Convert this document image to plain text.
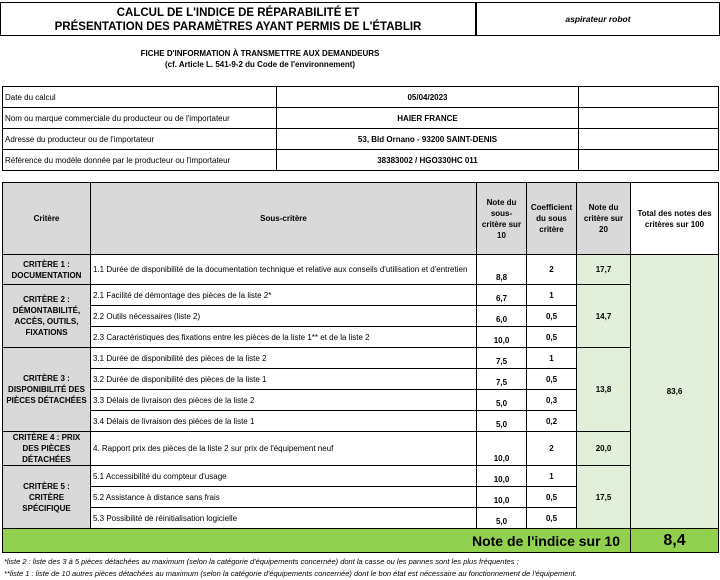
CALCUL DE L'INDICE DE RÉPARABILITÉ ET
PRÉSENTATION DES PARAMÈTRES AYANT PERMIS DE L'ÉTABLIR
aspirateur robot
FICHE D'INFORMATION À TRANSMETTRE AUX DEMANDEURS
(cf. Article L. 541-9-2 du Code de l'environnement)
Date du calcul	05/04/2023	
Nom ou marque commerciale du producteur ou de l'importateur	HAIER FRANCE	
Adresse du producteur ou de l'importateur	53, Bld Ornano - 93200 SAINT-DENIS	
Référence du modèle donnée par le producteur ou l'importateur	38383002 / HGO330HC 011	
Critère	Sous-critère	Note du sous-critère sur 10	Coefficient du sous critère	Note du critère sur 20	Total des notes des critères sur 100
CRITÈRE 1 : DOCUMENTATION	1.1 Durée de disponibilité de la documentation technique et relative aux conseils d'utilisation et d'entretien	8,8	2	17,7	83,6
CRITÈRE 2 : DÉMONTABILITÉ, ACCÈS, OUTILS, FIXATIONS	2.1 Facilité de démontage des pièces de la liste 2*	6,7	1	14,7	
	2.2 Outils nécessaires (liste 2)	6,0	0,5		
	2.3 Caractéristiques des fixations entre les pièces de la liste 1** et de la liste 2	10,0	0,5		
CRITÈRE 3 : DISPONIBILITÉ DES PIÈCES DÉTACHÉES	3.1 Durée de disponibilité des pièces de la liste 2	7,5	1	13,8	
	3.2 Durée de disponibilité des pièces de la liste 1	7,5	0,5		
	3.3 Délais de livraison des pièces de la liste 2	5,0	0,3		
	3.4 Délais de livraison des pièces de la liste 1	5,0	0,2		
CRITÈRE 4 : PRIX DES PIÈCES DÉTACHÉES	4. Rapport prix des pièces de la liste 2 sur prix de l'équipement neuf	10,0	2	20,0	
CRITÈRE 5 : CRITÈRE SPÉCIFIQUE	5.1 Accessibilité du compteur d'usage	10,0	1	17,5	
	5.2 Assistance à distance sans frais	10,0	0,5		
	5.3 Possibilité de réinitialisation logicielle	5,0	0,5		
Note de l'indice sur 10					8,4
*liste 2 : liste des 3 à 5 pièces détachées au maximum (selon la catégorie d'équipements concernée) dont la casse ou les pannes sont les plus fréquentes ;
**liste 1 : liste de 10 autres pièces détachées au maximum (selon la catégorie d'équipements concernée) dont le bon état est nécessaire au fonctionnement de l'équipement.
